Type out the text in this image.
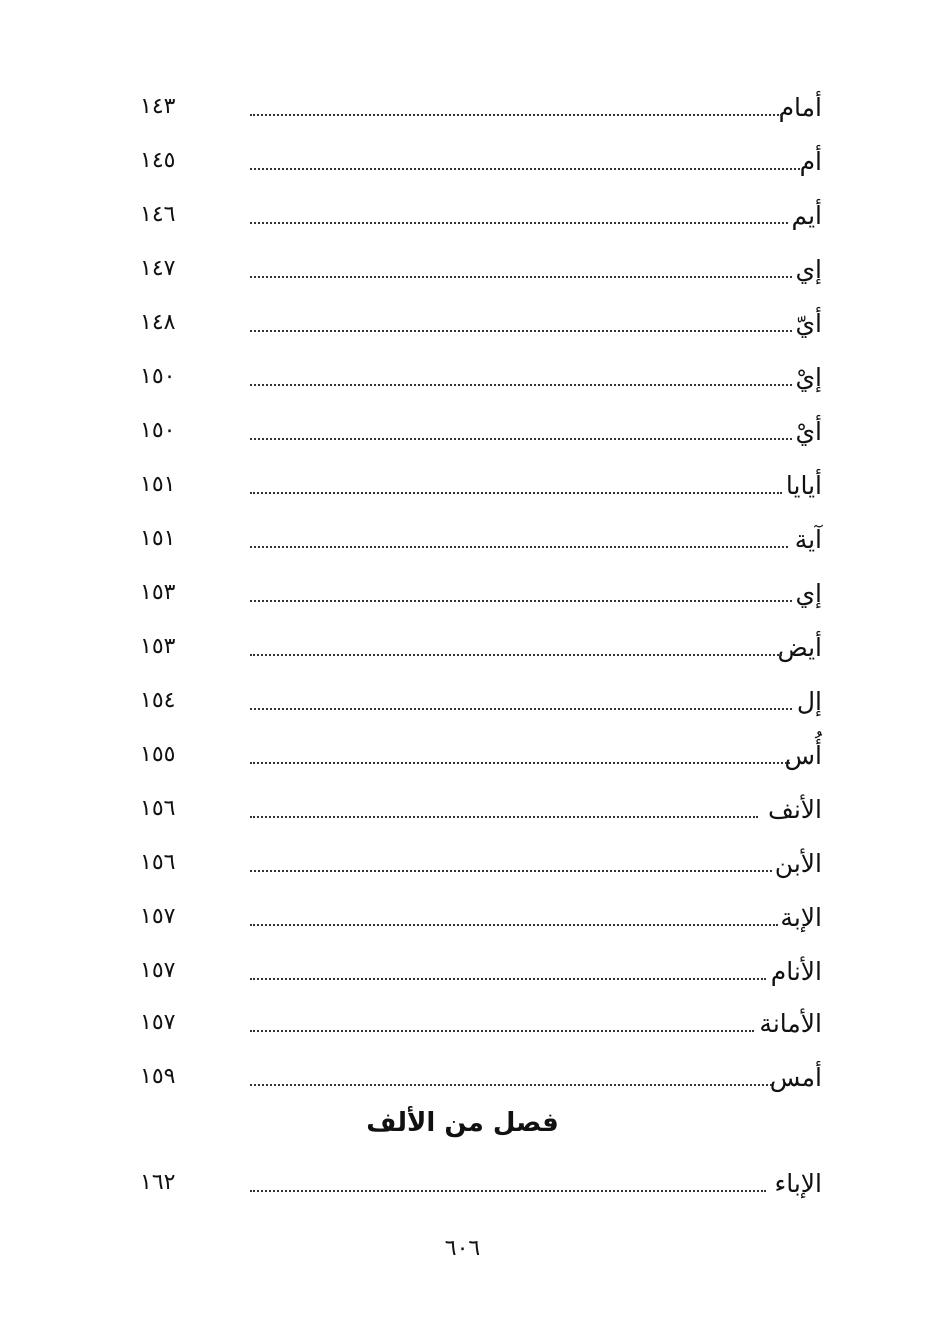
أمام
١٤٣
أم
١٤٥
أيم
١٤٦
إي
١٤٧
أيّ
١٤٨
إيْ
١٥٠
أيْ
١٥٠
أيايا
١٥١
آية
١٥١
إي
١٥٣
أيض
١٥٣
إل
١٥٤
أُس
١٥٥
الأنف
١٥٦
الأبن
١٥٦
الإبة
١٥٧
الأنام
١٥٧
الأمانة
١٥٧
أمس
١٥٩
فصل من الألف
الإباء
١٦٢
٦٠٦
